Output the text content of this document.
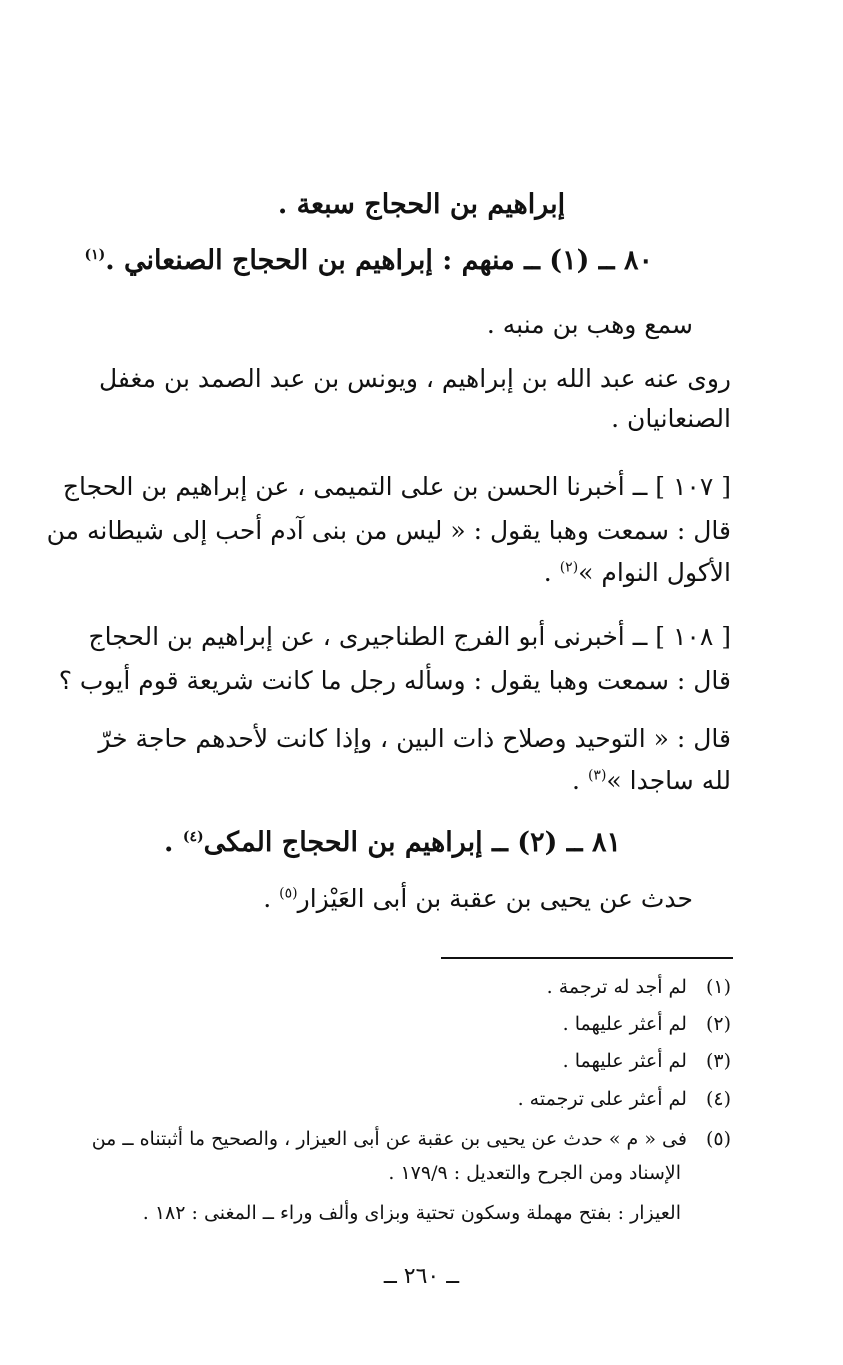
إبراهيم بن الحجاج سبعة .
٨٠ ــ (١) ــ منهم : إبراهيم بن الحجاج الصنعاني .$^{(١)}$
سمع وهب بن منبه .
روى عنه عبد الله بن إبراهيم ، ويونس بن عبد الصمد بن مغفل
الصنعانيان .
[ ١٠٧ ] ــ أخبرنا الحسن بن على التميمى ، عن إبراهيم بن الحجاج
قال : سمعت وهبا يقول : « ليس من بنى آدم أحب إلى شيطانه من
الأكول النوام »$^{(٢)}$ .
[ ١٠٨ ] ــ أخبرنى أبو الفرج الطناجيرى ، عن إبراهيم بن الحجاج
قال : سمعت وهبا يقول : وسأله رجل ما كانت شريعة قوم أيوب ؟
قال : « التوحيد وصلاح ذات البين ، وإذا كانت لأحدهم حاجة خرّ
لله ساجدا »$^{(٣)}$ .
٨١ ــ (٢) ــ إبراهيم بن الحجاج المكى$^{(٤)}$ .
حدث عن يحيى بن عقبة بن أبى العَيْزار$^{(٥)}$ .
(١) لم أجد له ترجمة .
(٢) لم أعثر عليهما .
(٣) لم أعثر عليهما .
(٤) لم أعثر على ترجمته .
(٥) فى « م » حدث عن يحيى بن عقبة عن أبى العيزار ، والصحيح ما أثبتناه ــ من
الإسناد ومن الجرح والتعديل : ١٧٩/٩ .
العيزار : بفتح مهملة وسكون تحتية وبزاى وألف وراء ــ المغنى : ١٨٢ .
ــ ٢٦٠ ــ
